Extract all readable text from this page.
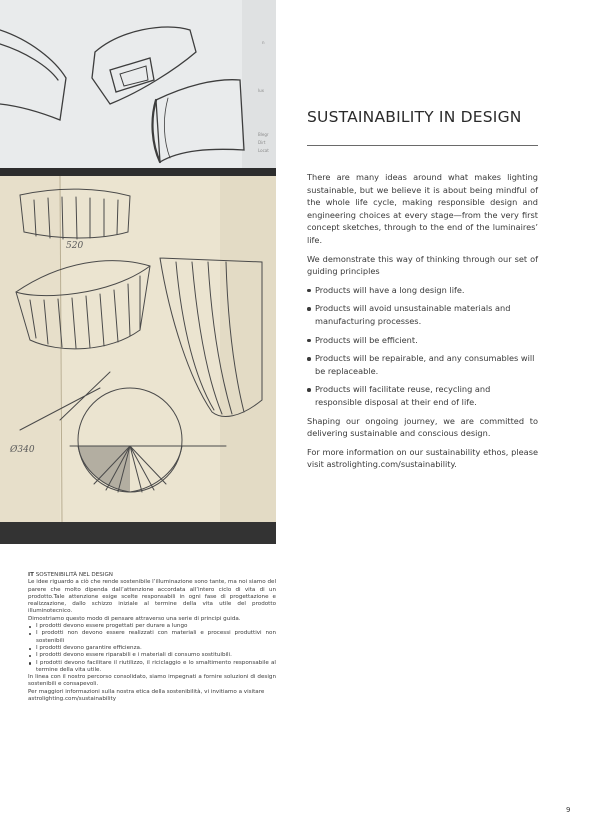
n
lux
Blegr
Dirt
Locat
520
Ø340
SUSTAINABILITY IN DESIGN

There are many ideas around what makes lighting sustainable, but we believe it is about being mindful of the whole life cycle, making responsible design and engineering choices at every stage—from the very first concept sketches, through to the end of the luminaires’ life.

We demonstrate this way of thinking through our set of guiding principles

Products will have a long design life.
Products will avoid unsustainable materials and manufacturing processes.
Products will be efficient.
Products will be repairable, and any consumables will be replaceable.
Products will facilitate reuse, recycling and responsible disposal at their end of life.

Shaping our ongoing journey, we are committed to delivering sustainable and conscious design.

For more information on our sustainability ethos, please visit astrolighting.com/sustainability.

IT SOSTENIBILITÀ NEL DESIGN

Le idee riguardo a ciò che rende sostenibile l’illuminazione sono tante, ma noi siamo del parere che molto dipenda dall’attenzione accordata all’intero ciclo di vita di un prodotto.Tale attenzione esige scelte responsabili in ogni fase di progettazione e realizzazione, dallo schizzo iniziale al termine della vita utile del prodotto illuminotecnico.

Dimostriamo questo modo di pensare attraverso una serie di principi guida.

I prodotti devono essere progettati per durare a lungo
I prodotti non devono essere realizzati con materiali e processi produttivi non sostenibili
I prodotti devono garantire efficienza.
I prodotti devono essere riparabili e i materiali di consumo sostituibili.
I prodotti devono facilitare il riutilizzo, il riciclaggio e lo smaltimento responsabile al termine della vita utile.

In linea con il nostro percorso consolidato, siamo impegnati a fornire soluzioni di design sostenibili e consapevoli.

Per maggiori informazioni sulla nostra etica della sostenibilità, vi invitiamo a visitare

astrolighting.com/sustainability

9
